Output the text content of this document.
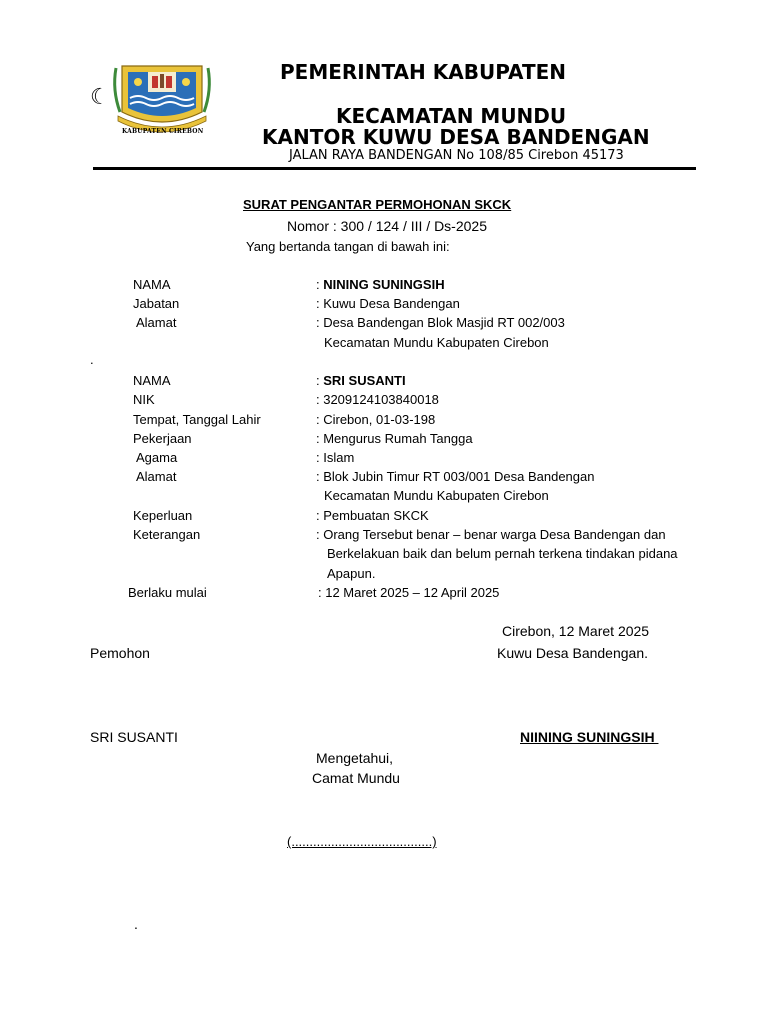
☾
KABUPATEN CIREBON
PEMERINTAH KABUPATEN
KECAMATAN MUNDU
KANTOR KUWU DESA BANDENGAN
JALAN RAYA BANDENGAN No 108/85 Cirebon 45173
SURAT PENGANTAR PERMOHONAN SKCK
Nomor : 300 / 124 / III / Ds-2025
Yang bertanda tangan di bawah ini:
NAMA	: NINING SUNINGSIH
Jabatan	: Kuwu Desa Bandengan
Alamat	: Desa Bandengan Blok Masjid RT 002/003
Kecamatan Mundu Kabupaten Cirebon
.
NAMA	: SRI SUSANTI
NIK	: 3209124103840018
Tempat, Tanggal Lahir	: Cirebon, 01-03-198
Pekerjaan	: Mengurus Rumah Tangga
Agama	: Islam
Alamat	: Blok Jubin Timur RT 003/001 Desa Bandengan
Kecamatan Mundu Kabupaten Cirebon
Keperluan	: Pembuatan SKCK
Keterangan	: Orang Tersebut benar – benar warga Desa Bandengan dan
Berkelakuan baik dan belum pernah terkena tindakan pidana
Apapun.
Berlaku mulai	: 12 Maret 2025 – 12 April 2025
Cirebon, 12 Maret 2025
Pemohon	Kuwu Desa Bandengan.
SRI SUSANTI	NIINING SUNINGSIH
Mengetahui,
Camat Mundu
(.......................................)
.
